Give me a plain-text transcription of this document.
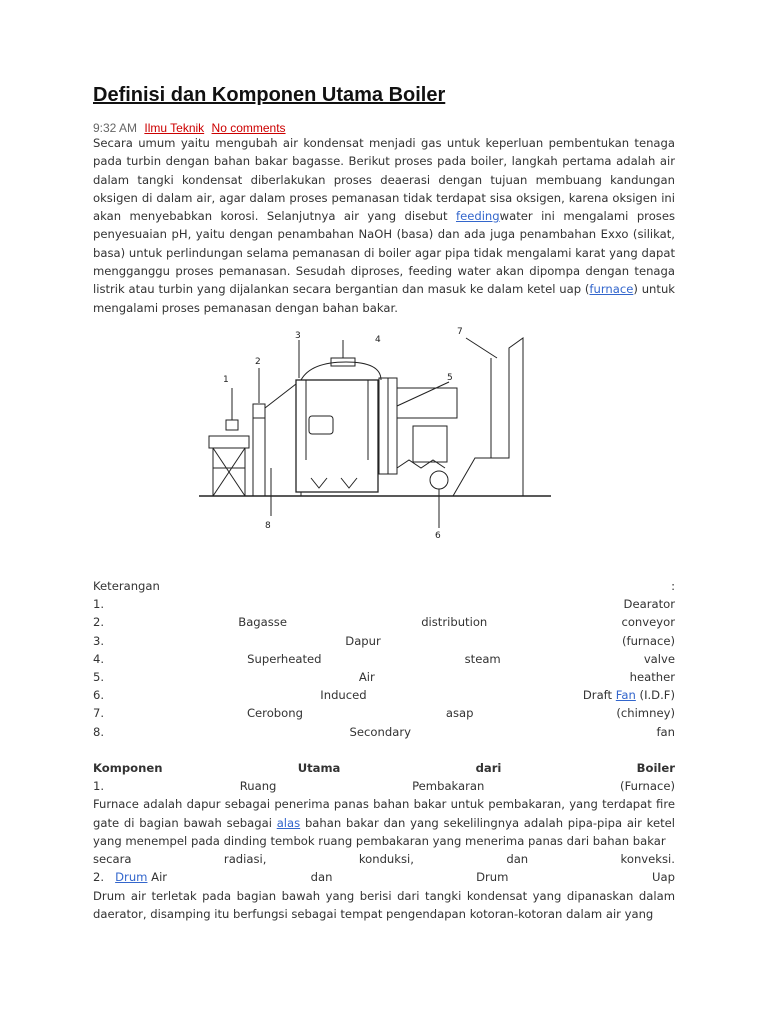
Definisi dan Komponen Utama Boiler
9:32 AM Ilmu Teknik No comments

Secara umum yaitu mengubah air kondensat menjadi gas untuk keperluan pembentukan tenaga pada turbin dengan bahan bakar bagasse. Berikut proses pada boiler, langkah pertama adalah air dalam tangki kondensat diberlakukan proses deaerasi dengan tujuan membuang kandungan oksigen di dalam air, agar dalam proses pemanasan tidak terdapat sisa oksigen, karena oksigen ini akan menyebabkan korosi. Selanjutnya air yang disebut feedingwater ini mengalami proses penyesuaian pH, yaitu dengan penambahan NaOH (basa) dan ada juga penambahan Exxo (silikat, basa) untuk perlindungan selama pemanasan di boiler agar pipa tidak mengalami karat yang dapat mengganggu proses pemanasan. Sesudah diproses, feeding water akan dipompa dengan tenaga listrik atau turbin yang dijalankan secara bergantian dan masuk ke dalam ketel uap (furnace) untuk mengalami proses pemanasan dengan bahan bakar.

1
2
3	4
5
6
7
8
Keterangan	:
1.	Dearator
2.	Bagasse	distribution	conveyor
3.	Dapur	(furnace)
4.	Superheated	steam	valve
5.	Air	heather
6.	Induced	Draft Fan (I.D.F)
7.	Cerobong	asap	(chimney)
8.	Secondary	fan
Komponen	Utama	dari	Boiler
1.	Ruang	Pembakaran	(Furnace)

Furnace adalah dapur sebagai penerima panas bahan bakar untuk pembakaran, yang terdapat fire gate di bagian bawah sebagai alas bahan bakar dan yang sekelilingnya adalah pipa-pipa air ketel yang menempel pada dinding tembok ruang pembakaran yang menerima panas dari bahan bakar

secara	radiasi,	konduksi,	dan	konveksi.
2. Drum Air	dan	Drum	Uap

Drum air terletak pada bagian bawah yang berisi dari tangki kondensat yang dipanaskan dalam daerator, disamping itu berfungsi sebagai tempat pengendapan kotoran-kotoran dalam air yang
